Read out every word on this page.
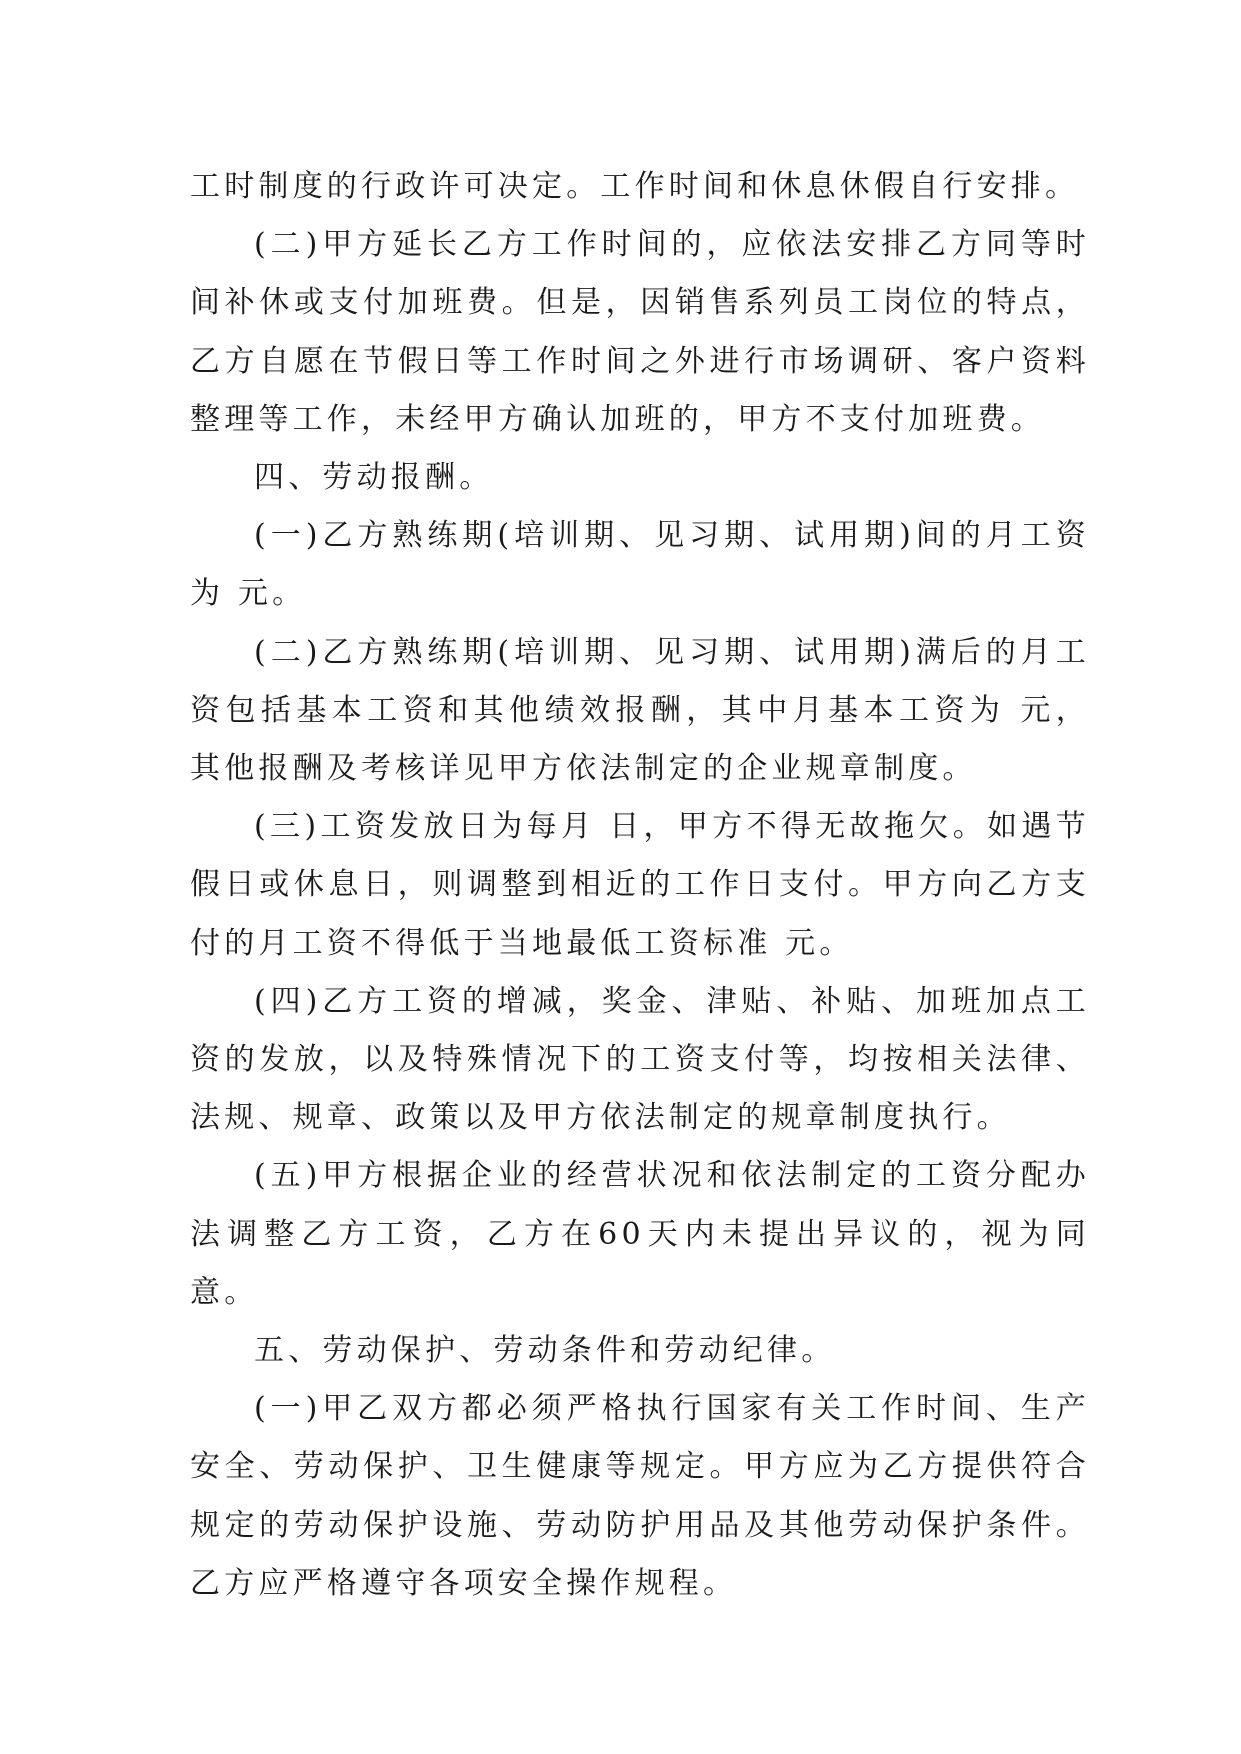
工时制度的行政许可决定。工作时间和休息休假自行安排。

(二)甲方延长乙方工作时间的，应依法安排乙方同等时间补休或支付加班费。但是，因销售系列员工岗位的特点，乙方自愿在节假日等工作时间之外进行市场调研、客户资料整理等工作，未经甲方确认加班的，甲方不支付加班费。

四、劳动报酬。

(一)乙方熟练期(培训期、见习期、试用期)间的月工资为 元。

(二)乙方熟练期(培训期、见习期、试用期)满后的月工资包括基本工资和其他绩效报酬，其中月基本工资为 元，其他报酬及考核详见甲方依法制定的企业规章制度。

(三)工资发放日为每月 日，甲方不得无故拖欠。如遇节假日或休息日，则调整到相近的工作日支付。甲方向乙方支付的月工资不得低于当地最低工资标准 元。

(四)乙方工资的增减，奖金、津贴、补贴、加班加点工资的发放，以及特殊情况下的工资支付等，均按相关法律、法规、规章、政策以及甲方依法制定的规章制度执行。

(五)甲方根据企业的经营状况和依法制定的工资分配办法调整乙方工资，乙方在60天内未提出异议的，视为同意。

五、劳动保护、劳动条件和劳动纪律。

(一)甲乙双方都必须严格执行国家有关工作时间、生产安全、劳动保护、卫生健康等规定。甲方应为乙方提供符合规定的劳动保护设施、劳动防护用品及其他劳动保护条件。乙方应严格遵守各项安全操作规程。
